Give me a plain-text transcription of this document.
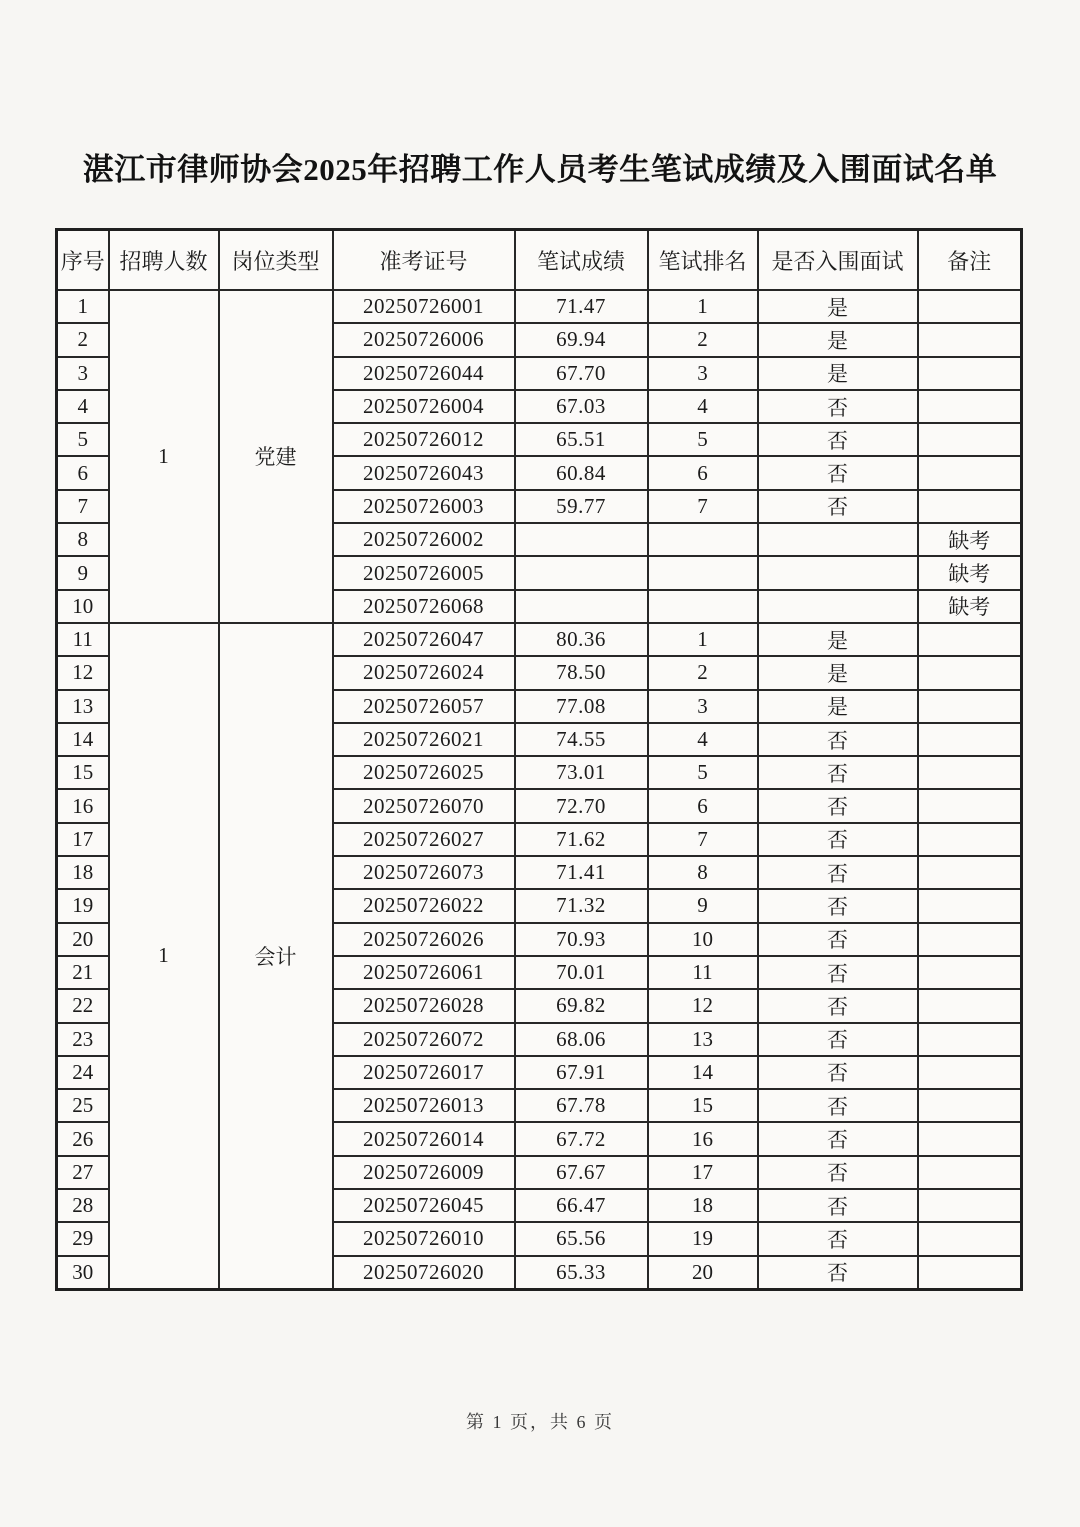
湛江市律师协会2025年招聘工作人员考生笔试成绩及入围面试名单
序号	招聘人数	岗位类型	准考证号	笔试成绩	笔试排名	是否入围面试	备注
1	1	党建	20250726001	71.47	1	是	
2			20250726006	69.94	2	是	
3			20250726044	67.70	3	是	
4			20250726004	67.03	4	否	
5			20250726012	65.51	5	否	
6			20250726043	60.84	6	否	
7			20250726003	59.77	7	否	
8			20250726002				缺考
9			20250726005				缺考
10			20250726068				缺考
11	1	会计	20250726047	80.36	1	是	
12			20250726024	78.50	2	是	
13			20250726057	77.08	3	是	
14			20250726021	74.55	4	否	
15			20250726025	73.01	5	否	
16			20250726070	72.70	6	否	
17			20250726027	71.62	7	否	
18			20250726073	71.41	8	否	
19			20250726022	71.32	9	否	
20			20250726026	70.93	10	否	
21			20250726061	70.01	11	否	
22			20250726028	69.82	12	否	
23			20250726072	68.06	13	否	
24			20250726017	67.91	14	否	
25			20250726013	67.78	15	否	
26			20250726014	67.72	16	否	
27			20250726009	67.67	17	否	
28			20250726045	66.47	18	否	
29			20250726010	65.56	19	否	
30			20250726020	65.33	20	否	
第 1 页，共 6 页
